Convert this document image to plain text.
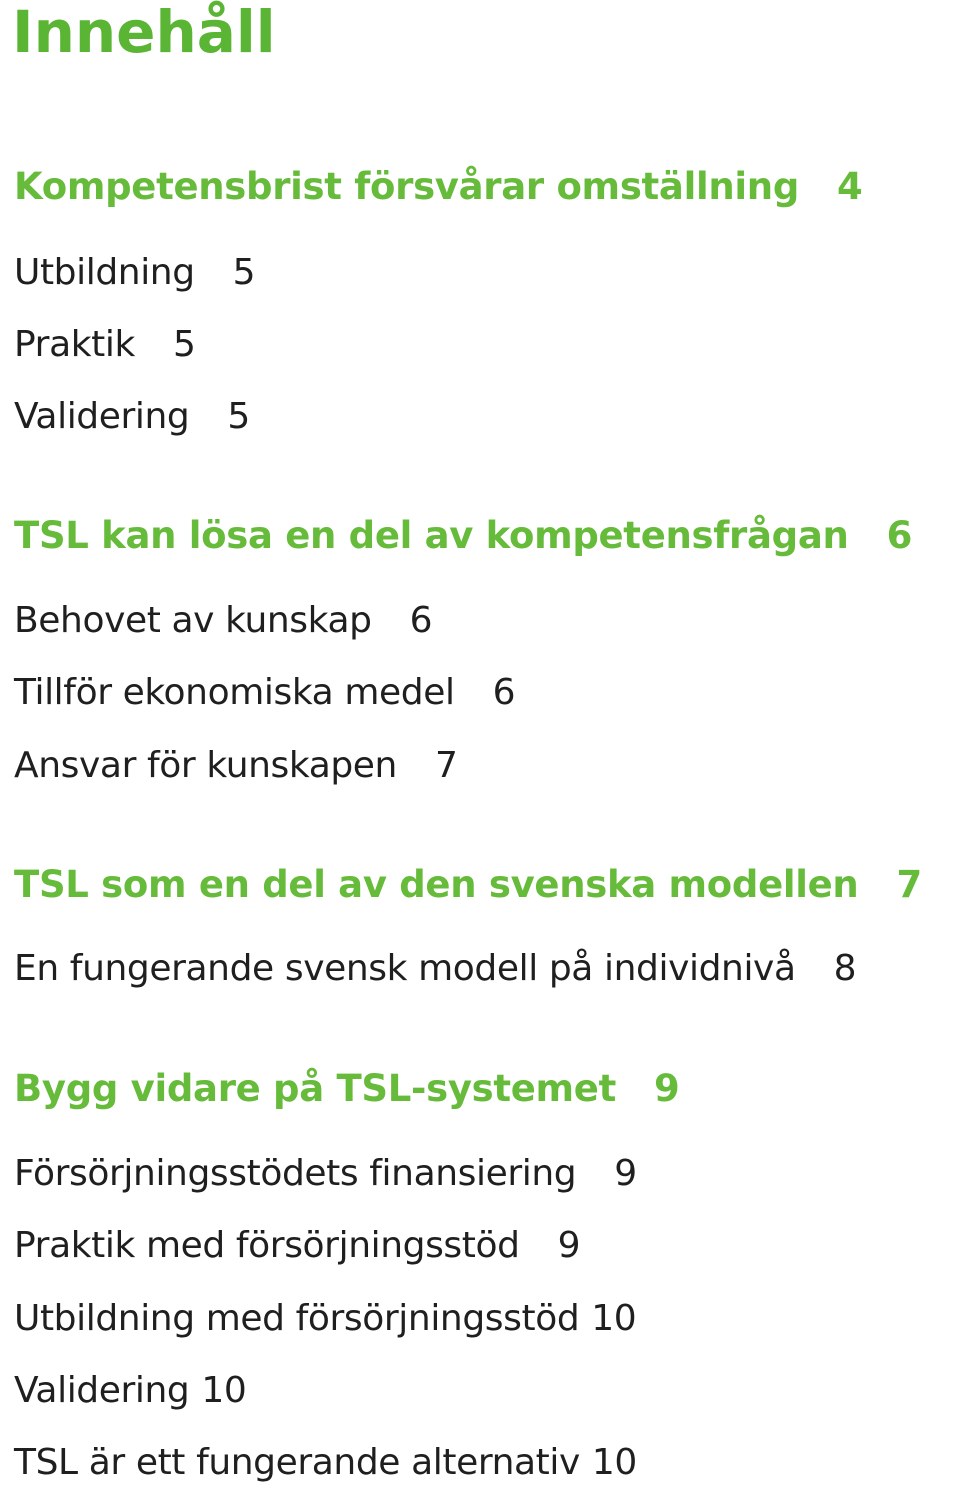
Innehåll
Kompetensbrist försvårar omställning 4
Utbildning 5
Praktik 5
Validering 5
TSL kan lösa en del av kompetensfrågan 6
Behovet av kunskap 6
Tillför ekonomiska medel 6
Ansvar för kunskapen 7
TSL som en del av den svenska modellen 7
En fungerande svensk modell på individnivå 8
Bygg vidare på TSL-systemet 9
Försörjningsstödets finansiering 9
Praktik med försörjningsstöd 9
Utbildning med försörjningsstöd 10
Validering 10
TSL är ett fungerande alternativ 10
